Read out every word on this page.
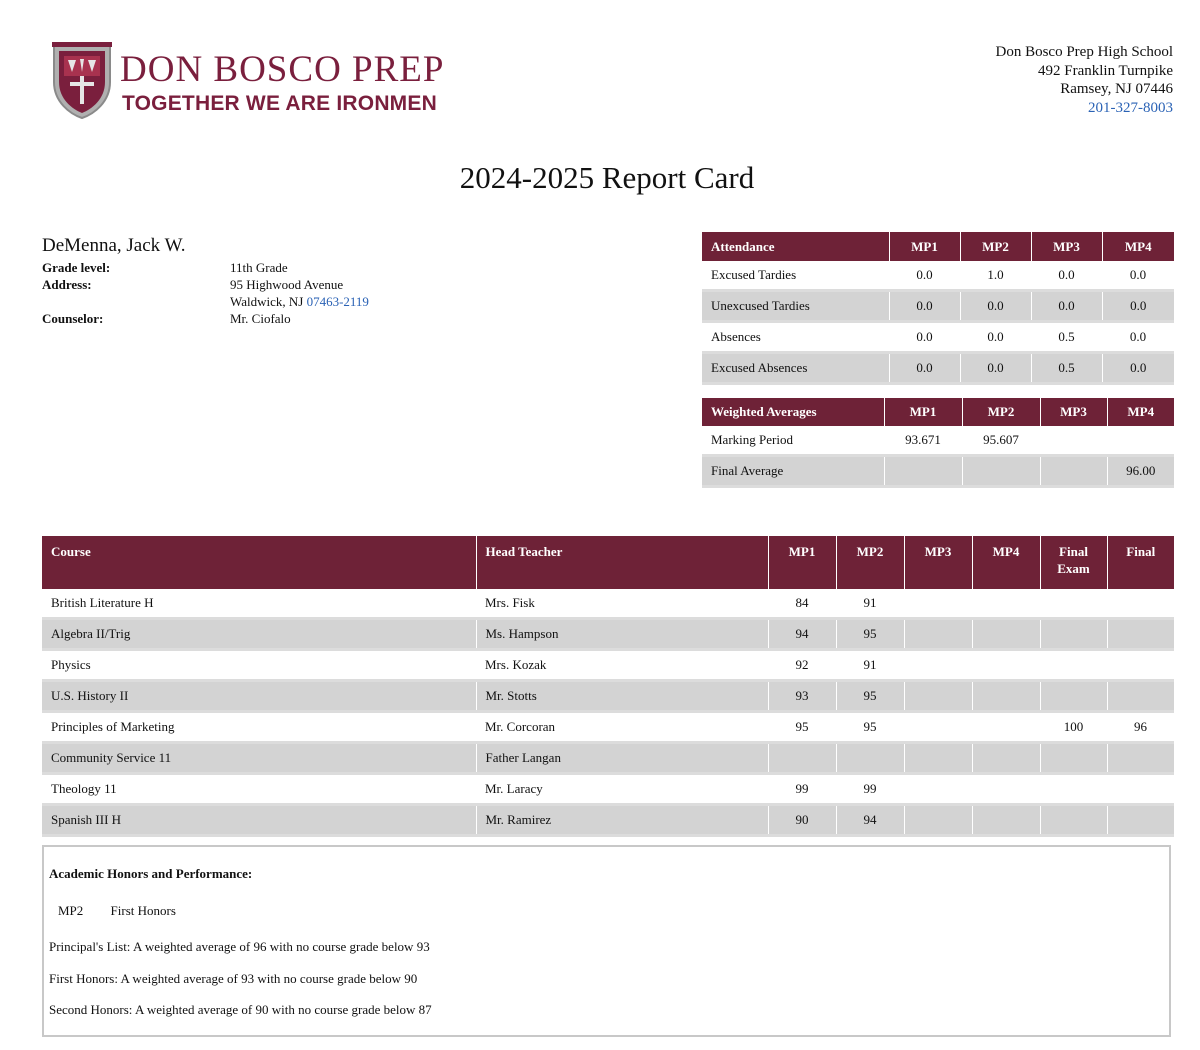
DON BOSCO PREP
TOGETHER WE ARE IRONMEN
Don Bosco Prep High School
492 Franklin Turnpike
Ramsey, NJ 07446
201-327-8003
2024-2025 Report Card
DeMenna, Jack W.
Grade level:	11th Grade
Address:	95 Highwood Avenue
Waldwick, NJ 07463-2119
Counselor:	Mr. Ciofalo
Attendance	MP1	MP2	MP3	MP4
Excused Tardies	0.0	1.0	0.0	0.0
Unexcused Tardies	0.0	0.0	0.0	0.0
Absences	0.0	0.0	0.5	0.0
Excused Absences	0.0	0.0	0.5	0.0
Weighted Averages	MP1	MP2	MP3	MP4
Marking Period	93.671	95.607		
Final Average				96.00
Course	Head Teacher	MP1	MP2	MP3	MP4	Final Exam	Final
British Literature H	Mrs. Fisk	84	91				
Algebra II/Trig	Ms. Hampson	94	95				
Physics	Mrs. Kozak	92	91				
U.S. History II	Mr. Stotts	93	95				
Principles of Marketing	Mr. Corcoran	95	95			100	96
Community Service 11	Father Langan						
Theology 11	Mr. Laracy	99	99				
Spanish III H	Mr. Ramirez	90	94				
Academic Honors and Performance:
MP2 First Honors
Principal's List: A weighted average of 96 with no course grade below 93
First Honors: A weighted average of 93 with no course grade below 90
Second Honors: A weighted average of 90 with no course grade below 87
